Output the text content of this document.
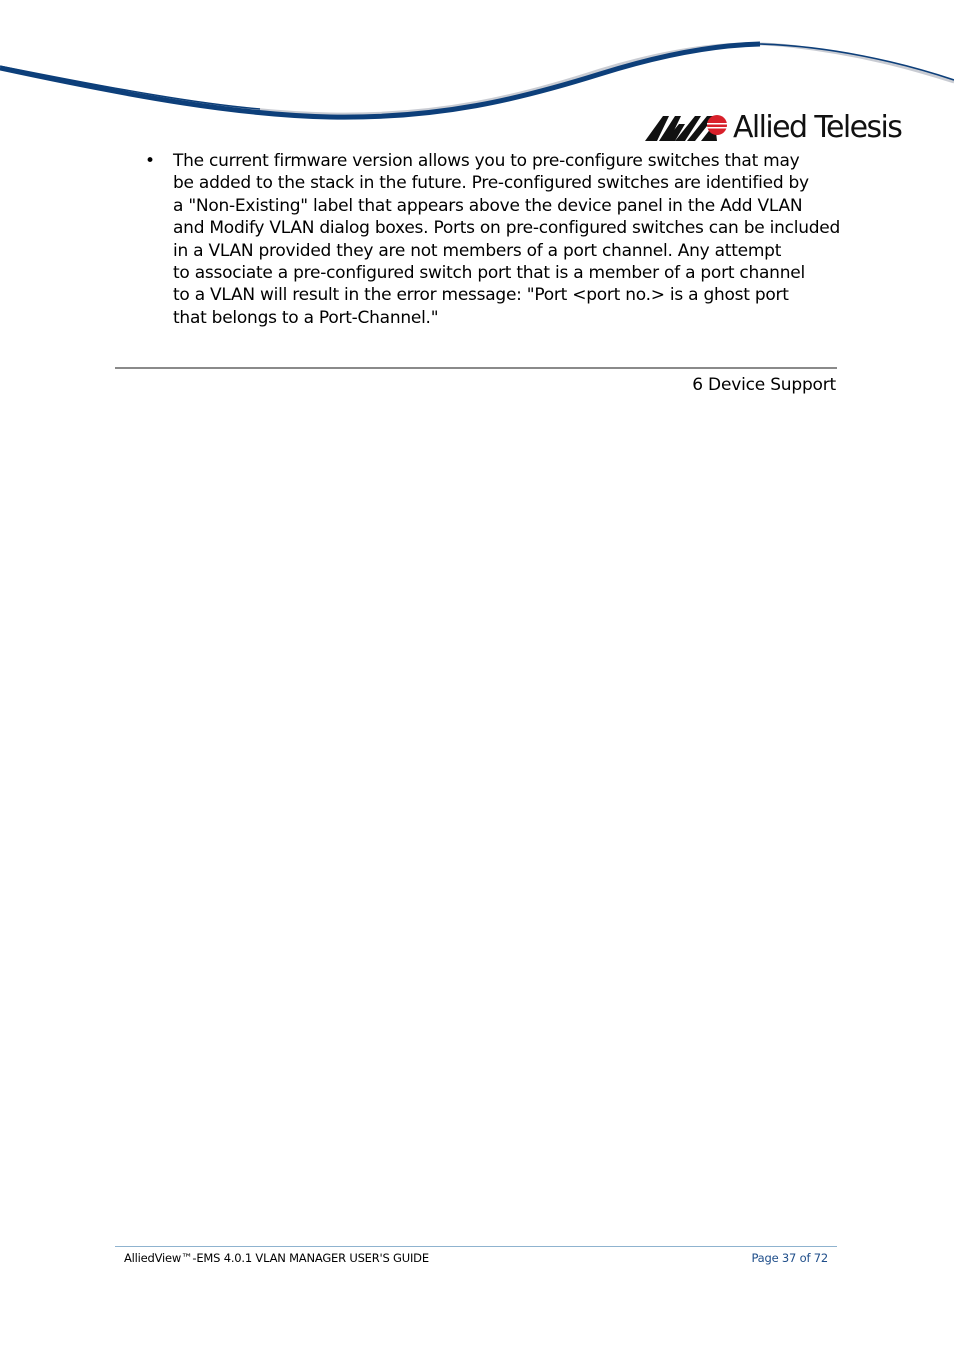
Allied Telesis
• The current firmware version allows you to pre-configure switches that may
be added to the stack in the future. Pre-configured switches are identified by
a "Non-Existing" label that appears above the device panel in the Add VLAN
and Modify VLAN dialog boxes. Ports on pre-configured switches can be included
in a VLAN provided they are not members of a port channel. Any attempt
to associate a pre-configured switch port that is a member of a port channel
to a VLAN will result in the error message: "Port <port no.> is a ghost port
that belongs to a Port-Channel."
6 Device Support
AlliedView™-EMS 4.0.1 VLAN MANAGER USER'S GUIDE	Page 37 of 72
